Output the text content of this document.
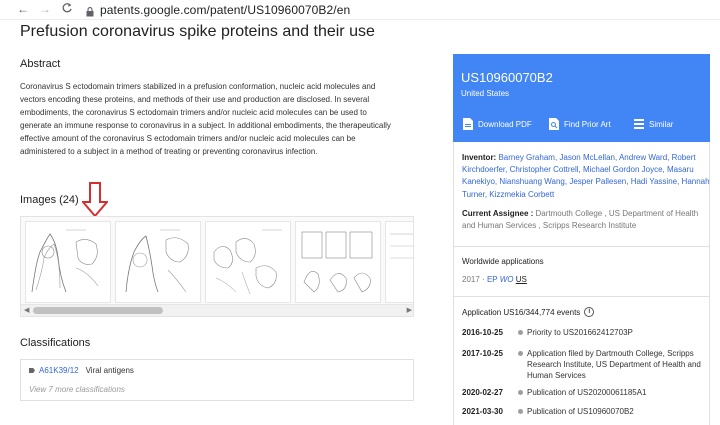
← →	patents.google.com/patent/US10960070B2/en
Prefusion coronavirus spike proteins and their use
Abstract
Coronavirus S ectodomain trimers stabilized in a prefusion conformation, nucleic acid molecules and vectors encoding these proteins, and methods of their use and production are disclosed. In several embodiments, the coronavirus S ectodomain trimers and/or nucleic acid molecules can be used to generate an immune response to coronavirus in a subject. In additional embodiments, the therapeutically effective amount of the coronavirus S ectodomain trimers and/or nucleic acid molecules can be administered to a subject in a method of treating or preventing coronavirus infection.
Images (24)
◀	▶
Classifications
A61K39/12 Viral antigens
View 7 more classifications
US10960070B2
United States
Download PDF	Find Prior Art	Similar
Inventor: Barney Graham, Jason McLellan, Andrew Ward, Robert Kirchdoerfer, Christopher Cottrell, Michael Gordon Joyce, Masaru Kanekiyo, Nianshuang Wang, Jesper Pallesen, Hadi Yassine, Hannah Turner, Kizzmekia Corbett
Current Assignee : Dartmouth College , US Department of Health and Human Services , Scripps Research Institute
Worldwide applications
2017 · EP WO US
Application US16/344,774 events	i
2016-10-25	Priority to US201662412703P
2017-10-25	Application filed by Dartmouth College, Scripps Research Institute, US Department of Health and Human Services
2020-02-27	Publication of US20200061185A1
2021-03-30	Publication of US10960070B2
